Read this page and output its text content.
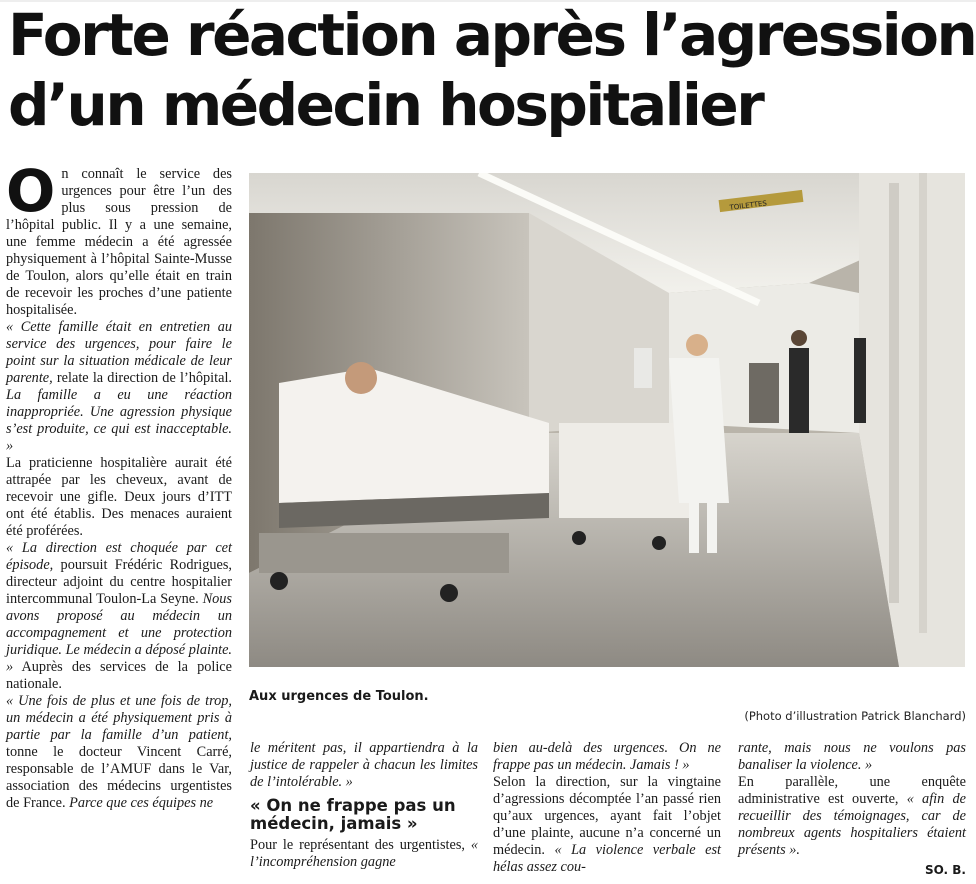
Forte réaction après l’agression
d’un médecin hospitalier

On connaît le service des urgences pour être l’un des plus sous pression de l’hôpital public. Il y a une semaine, une femme médecin a été agressée physiquement à l’hôpital Sainte-Musse de Toulon, alors qu’elle était en train de recevoir les proches d’une patiente hospitalisée.

« Cette famille était en entretien au service des urgences, pour faire le point sur la situation médicale de leur parente, relate la direction de l’hôpital. La famille a eu une réaction inappropriée. Une agression physique s’est produite, ce qui est inacceptable. »

La praticienne hospitalière aurait été attrapée par les cheveux, avant de recevoir une gifle. Deux jours d’ITT ont été établis. Des menaces auraient été proférées.

« La direction est choquée par cet épisode, poursuit Frédéric Rodrigues, directeur adjoint du centre hospitalier intercommunal Toulon-La Seyne. Nous avons proposé au médecin un accompagnement et une protection juridique. Le médecin a déposé plainte. » Auprès des services de la police nationale.

« Une fois de plus et une fois de trop, un médecin a été physiquement pris à partie par la famille d’un patient, tonne le docteur Vincent Carré, responsable de l’AMUF dans le Var, association des médecins urgentistes de France. Parce que ces équipes ne

TOILETTES
Aux urgences de Toulon.
(Photo d’illustration Patrick Blanchard)

le méritent pas, il appartiendra à la justice de rappeler à chacun les limites de l’intolérable. »

« On ne frappe pas un médecin, jamais »

Pour le représentant des urgentistes, « l’incompréhension gagne

bien au-delà des urgences. On ne frappe pas un médecin. Jamais ! »

Selon la direction, sur la vingtaine d’agressions décomptée l’an passé rien qu’aux urgences, ayant fait l’objet d’une plainte, aucune n’a concerné un médecin. « La violence verbale est hélas assez cou-

rante, mais nous ne voulons pas banaliser la violence. »

En parallèle, une enquête administrative est ouverte, « afin de recueillir des témoignages, car de nombreux agents hospitaliers étaient présents ».

SO. B.
